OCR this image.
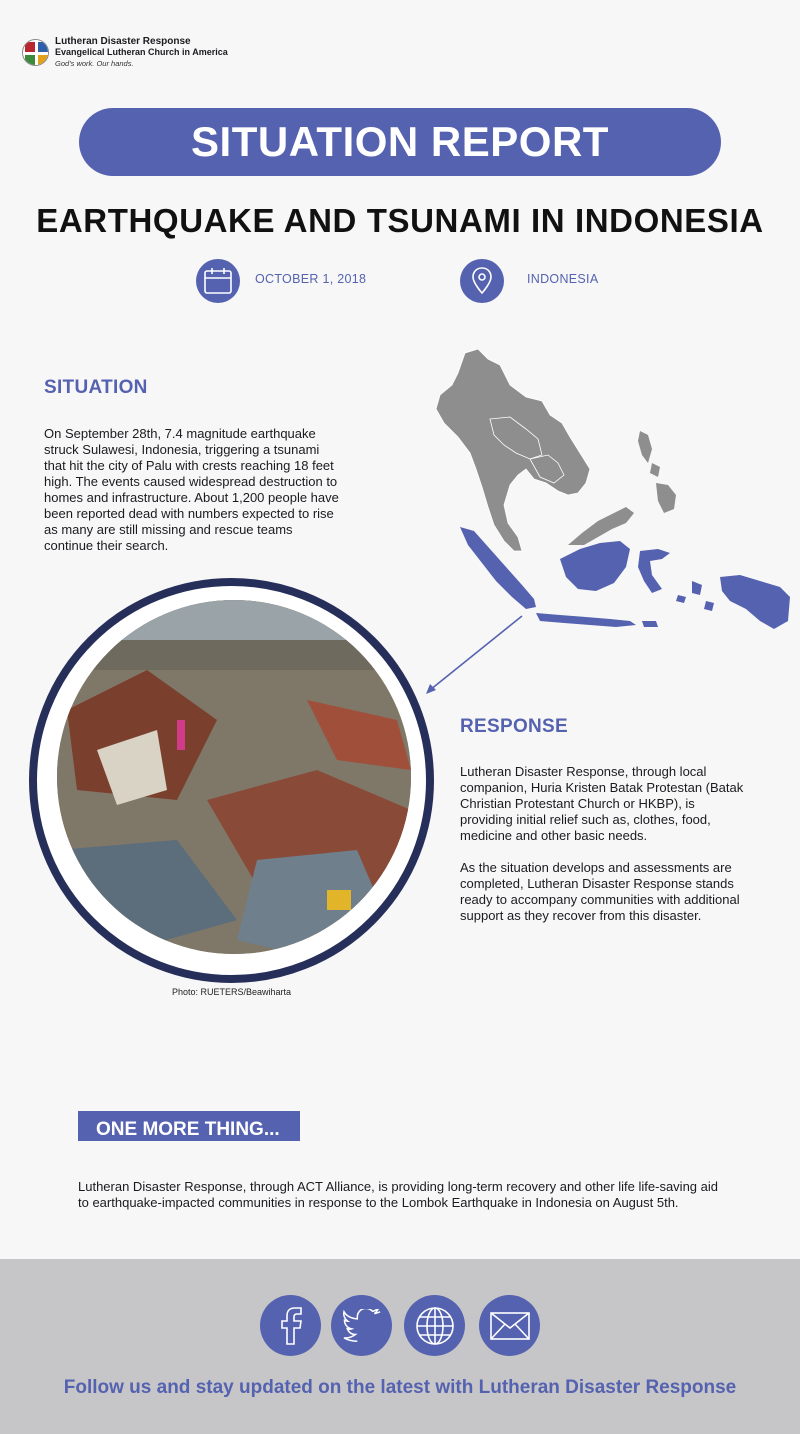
Lutheran Disaster Response
Evangelical Lutheran Church in America
God's work. Our hands.
SITUATION REPORT
EARTHQUAKE AND TSUNAMI IN INDONESIA
OCTOBER 1, 2018	INDONESIA
SITUATION
On September 28th, 7.4 magnitude earthquake struck Sulawesi, Indonesia, triggering a tsunami that hit the city of Palu with crests reaching 18 feet high. The events caused widespread destruction to homes and infrastructure. About 1,200 people have been reported dead with numbers expected to rise as many are still missing and rescue teams continue their search.
Photo: RUETERS/Beawiharta
RESPONSE
Lutheran Disaster Response, through local companion, Huria Kristen Batak Protestan (Batak Christian Protestant Church or HKBP), is providing initial relief such as, clothes, food, medicine and other basic needs.
As the situation develops and assessments are completed, Lutheran Disaster Response stands ready to accompany communities with additional support as they recover from this disaster.
ONE MORE THING...
Lutheran Disaster Response, through ACT Alliance, is providing long-term recovery and other life life-saving aid to earthquake-impacted communities in response to the Lombok Earthquake in Indonesia on August 5th.
Follow us and stay updated on the latest with Lutheran Disaster Response
